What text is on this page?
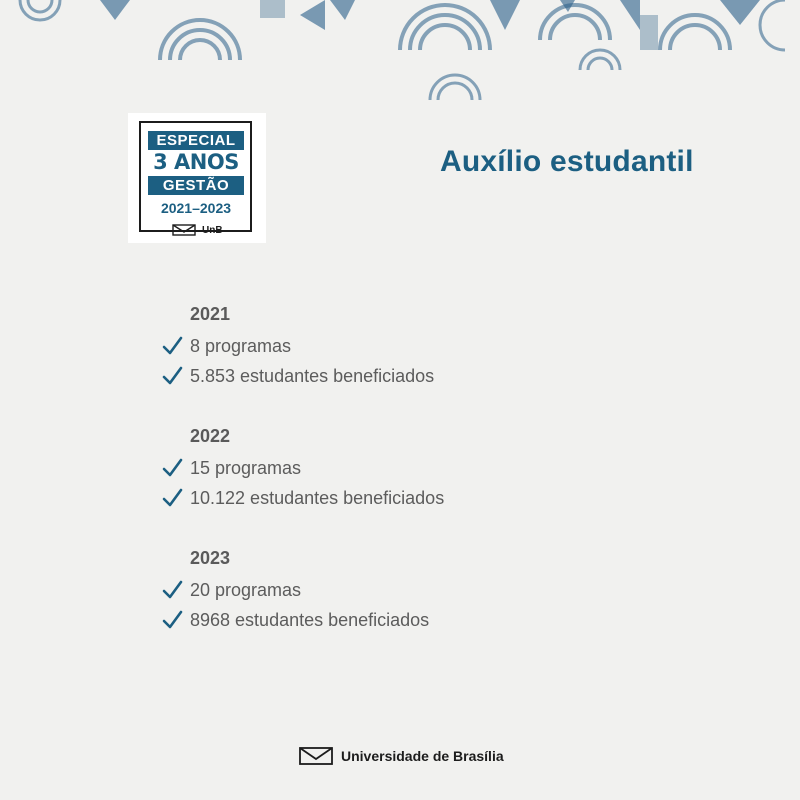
ESPECIAL
3 ANOS
GESTÃO
2021–2023
UnB
Auxílio estudantil
2021
8 programas
5.853 estudantes beneficiados
2022
15 programas
10.122 estudantes beneficiados
2023
20 programas
8968 estudantes beneficiados
Universidade de Brasília
